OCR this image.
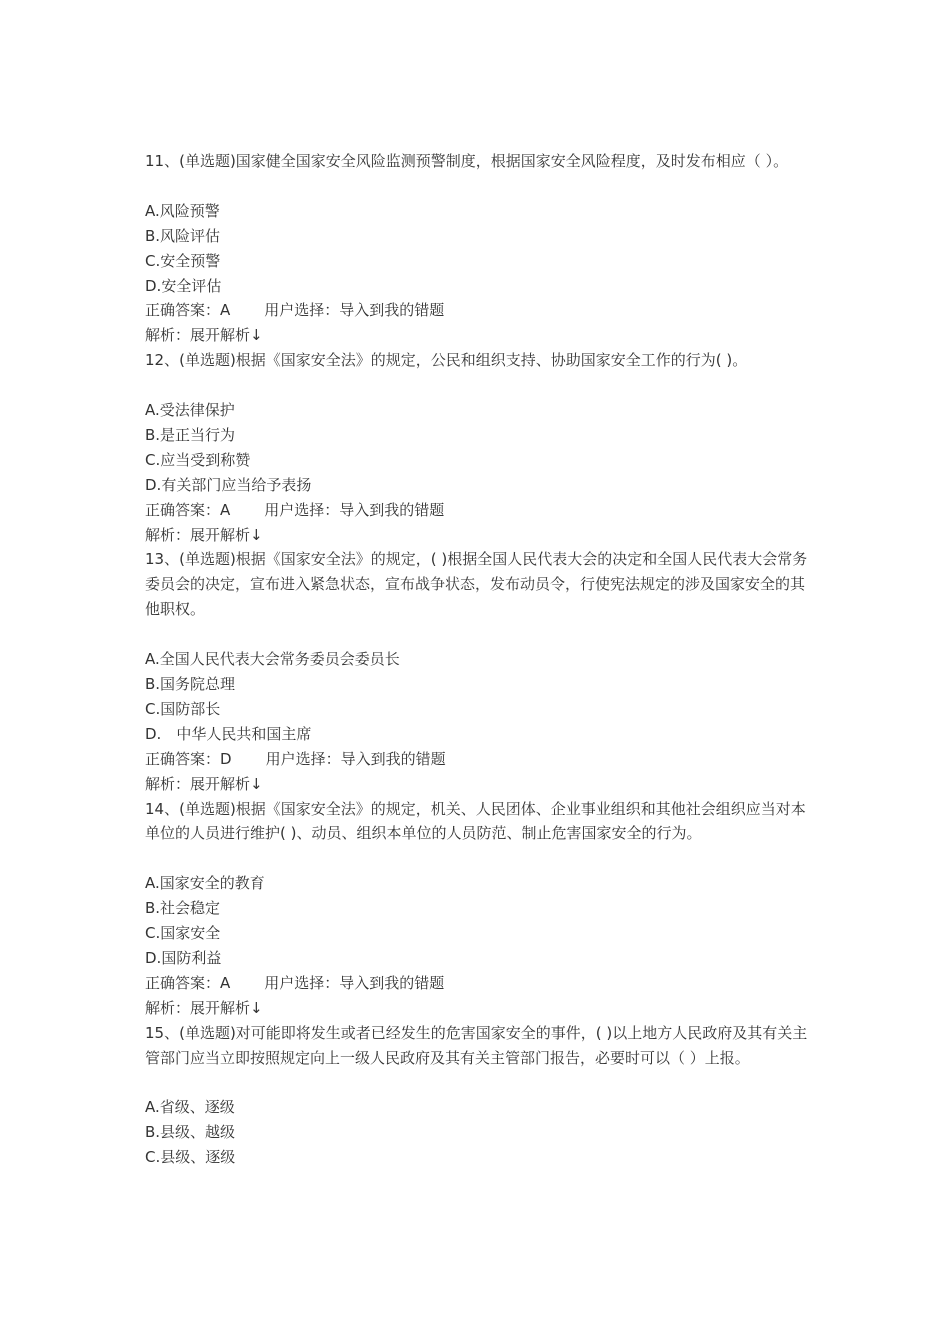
11、(单选题)国家健全国家安全风险监测预警制度，根据国家安全风险程度，及时发布相应（ ）。

A.风险预警

B.风险评估

C.安全预警

D.安全评估

正确答案：A 用户选择：导入到我的错题

解析：展开解析↓

12、(单选题)根据《国家安全法》的规定，公民和组织支持、协助国家安全工作的行为( )。

A.受法律保护

B.是正当行为

C.应当受到称赞

D.有关部门应当给予表扬

正确答案：A 用户选择：导入到我的错题

解析：展开解析↓

13、(单选题)根据《国家安全法》的规定，( )根据全国人民代表大会的决定和全国人民代表大会常务委员会的决定，宣布进入紧急状态，宣布战争状态，发布动员令，行使宪法规定的涉及国家安全的其他职权。

A.全国人民代表大会常务委员会委员长

B.国务院总理

C.国防部长

D.　中华人民共和国主席

正确答案：D 用户选择：导入到我的错题

解析：展开解析↓

14、(单选题)根据《国家安全法》的规定，机关、人民团体、企业事业组织和其他社会组织应当对本单位的人员进行维护( )、动员、组织本单位的人员防范、制止危害国家安全的行为。

A.国家安全的教育

B.社会稳定

C.国家安全

D.国防利益

正确答案：A 用户选择：导入到我的错题

解析：展开解析↓

15、(单选题)对可能即将发生或者已经发生的危害国家安全的事件，( )以上地方人民政府及其有关主管部门应当立即按照规定向上一级人民政府及其有关主管部门报告，必要时可以（ ）上报。

A.省级、逐级

B.县级、越级

C.县级、逐级
